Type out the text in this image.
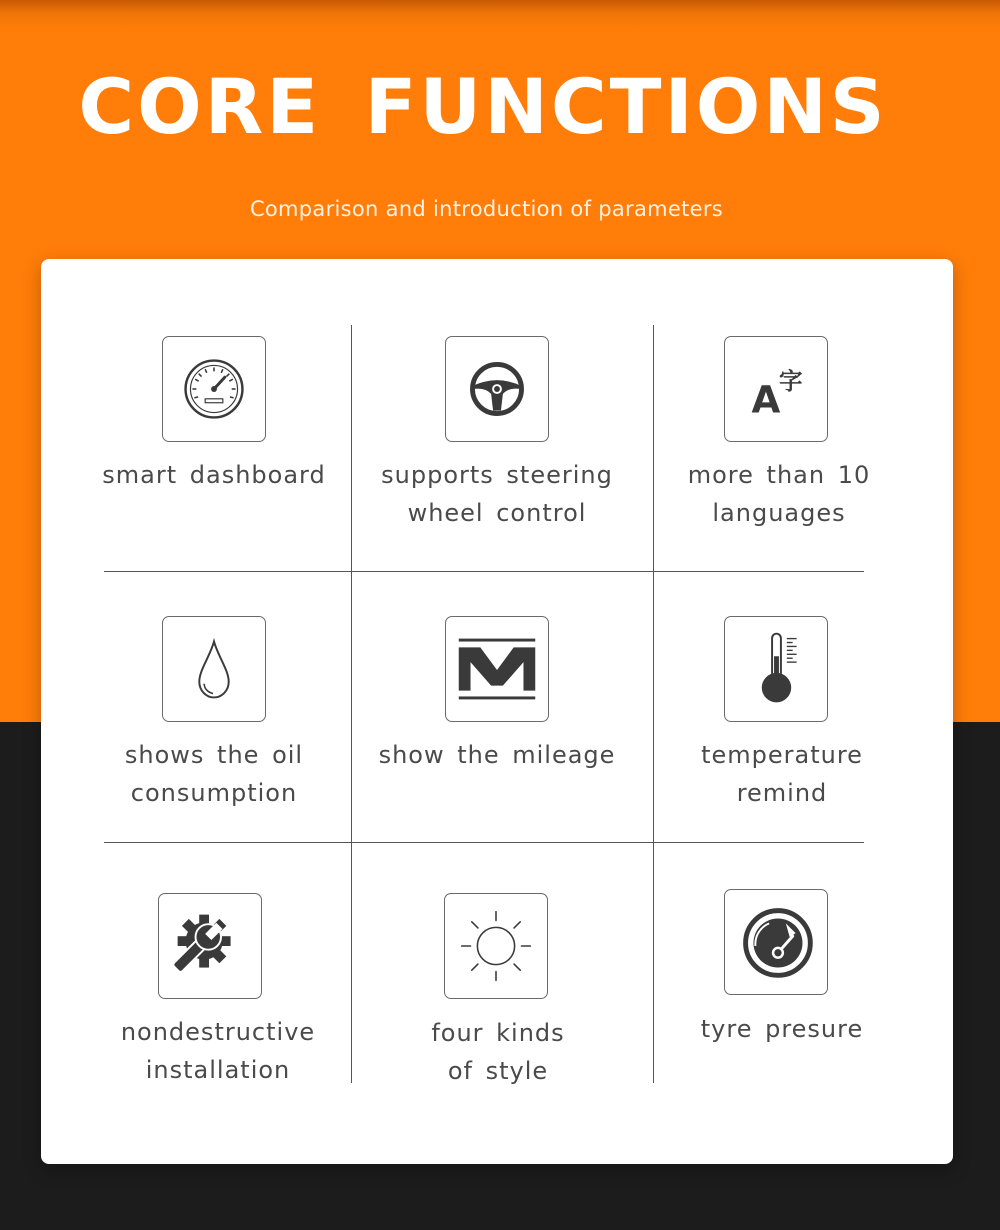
CORE FUNCTIONS
Comparison and introduction of parameters
smart dashboard	supports steering
wheel control
A
字
more than 10
languages
shows the oil
consumption
show the mileage	temperature
remind
nondestructive
installation
four kinds
of style
tyre presure
